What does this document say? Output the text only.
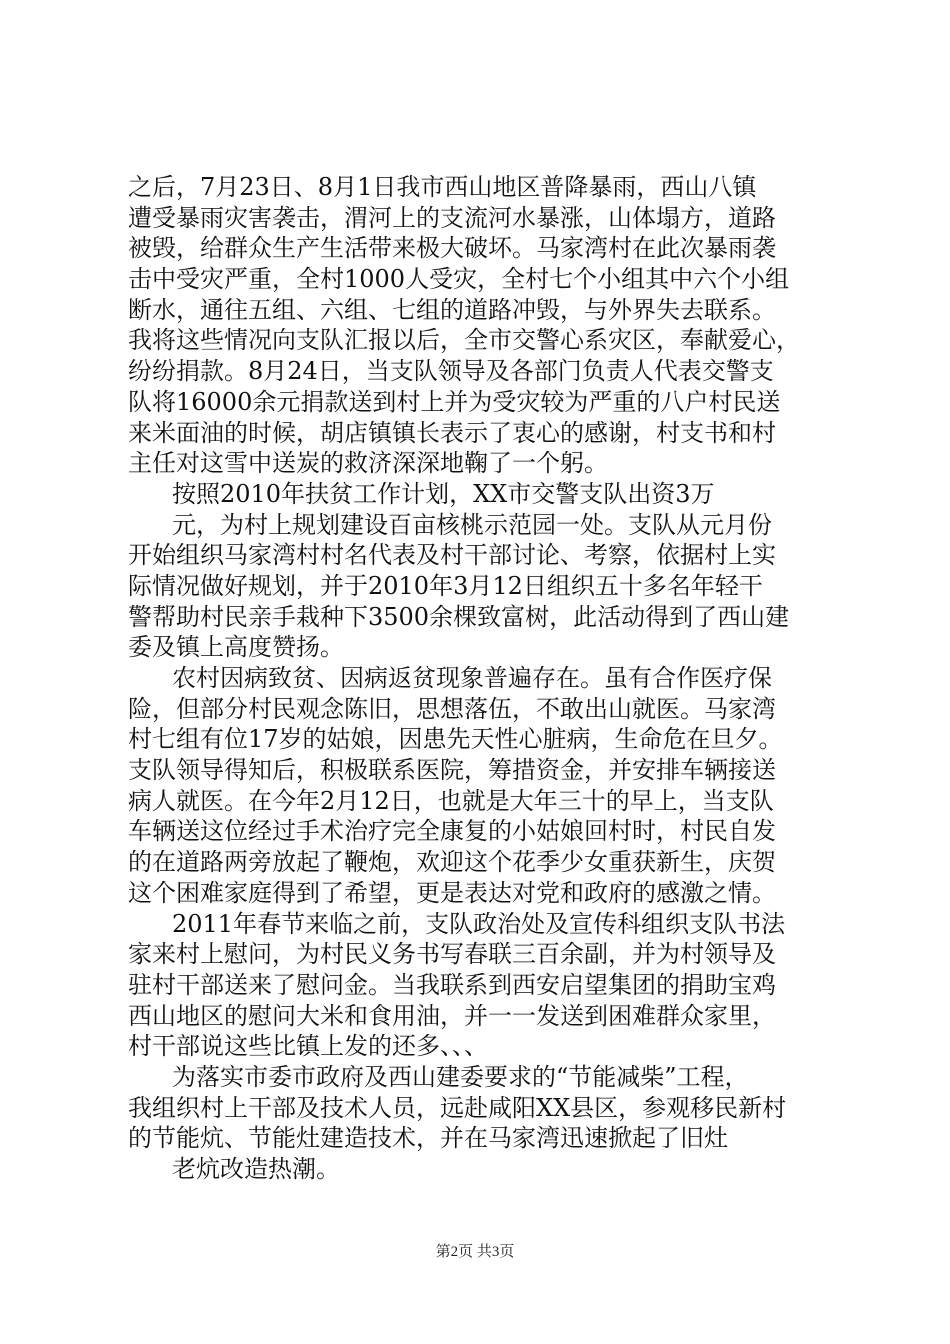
之后，7月23日、8月1日我市西山地区普降暴雨，西山八镇
遭受暴雨灾害袭击，渭河上的支流河水暴涨，山体塌方，道路
被毁，给群众生产生活带来极大破坏。马家湾村在此次暴雨袭
击中受灾严重，全村1000人受灾，全村七个小组其中六个小组
断水，通往五组、六组、七组的道路冲毁，与外界失去联系。
我将这些情况向支队汇报以后，全市交警心系灾区，奉献爱心，
纷纷捐款。8月24日，当支队领导及各部门负责人代表交警支
队将16000余元捐款送到村上并为受灾较为严重的八户村民送
来米面油的时候，胡店镇镇长表示了衷心的感谢，村支书和村
主任对这雪中送炭的救济深深地鞠了一个躬。
按照2010年扶贫工作计划，XX市交警支队出资3万
元，为村上规划建设百亩核桃示范园一处。支队从元月份
开始组织马家湾村村名代表及村干部讨论、考察，依据村上实
际情况做好规划，并于2010年3月12日组织五十多名年轻干
警帮助村民亲手栽种下3500余棵致富树，此活动得到了西山建
委及镇上高度赞扬。
农村因病致贫、因病返贫现象普遍存在。虽有合作医疗保
险，但部分村民观念陈旧，思想落伍，不敢出山就医。马家湾
村七组有位17岁的姑娘，因患先天性心脏病，生命危在旦夕。
支队领导得知后，积极联系医院，筹措资金，并安排车辆接送
病人就医。在今年2月12日，也就是大年三十的早上，当支队
车辆送这位经过手术治疗完全康复的小姑娘回村时，村民自发
的在道路两旁放起了鞭炮，欢迎这个花季少女重获新生，庆贺
这个困难家庭得到了希望，更是表达对党和政府的感激之情。
2011年春节来临之前，支队政治处及宣传科组织支队书法
家来村上慰问，为村民义务书写春联三百余副，并为村领导及
驻村干部送来了慰问金。当我联系到西安启望集团的捐助宝鸡
西山地区的慰问大米和食用油，并一一发送到困难群众家里，
村干部说这些比镇上发的还多、、、
为落实市委市政府及西山建委要求的“节能减柴”工程，
我组织村上干部及技术人员，远赴咸阳XX县区，参观移民新村
的节能炕、节能灶建造技术，并在马家湾迅速掀起了旧灶
老炕改造热潮。
第2页 共3页
